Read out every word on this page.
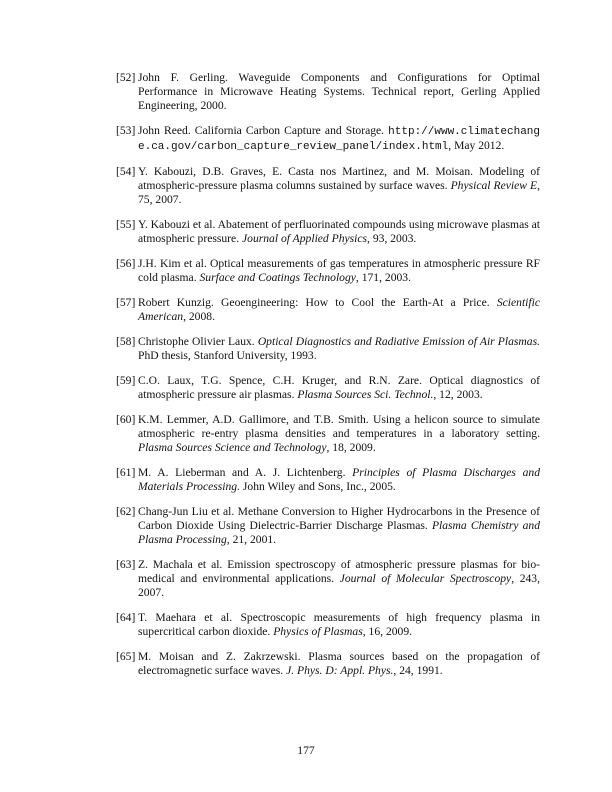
[52] John F. Gerling. Waveguide Components and Configurations for Optimal Performance in Microwave Heating Systems. Technical report, Gerling Applied Engineering, 2000.
[53] John Reed. California Carbon Capture and Storage. http://www.climatechange.ca.gov/carbon_capture_review_panel/index.html, May 2012.
[54] Y. Kabouzi, D.B. Graves, E. Casta nos Martinez, and M. Moisan. Modeling of atmospheric-pressure plasma columns sustained by surface waves. Physical Review E, 75, 2007.
[55] Y. Kabouzi et al. Abatement of perfluorinated compounds using microwave plasmas at atmospheric pressure. Journal of Applied Physics, 93, 2003.
[56] J.H. Kim et al. Optical measurements of gas temperatures in atmospheric pressure RF cold plasma. Surface and Coatings Technology, 171, 2003.
[57] Robert Kunzig. Geoengineering: How to Cool the Earth-At a Price. Scientific American, 2008.
[58] Christophe Olivier Laux. Optical Diagnostics and Radiative Emission of Air Plasmas. PhD thesis, Stanford University, 1993.
[59] C.O. Laux, T.G. Spence, C.H. Kruger, and R.N. Zare. Optical diagnostics of atmospheric pressure air plasmas. Plasma Sources Sci. Technol., 12, 2003.
[60] K.M. Lemmer, A.D. Gallimore, and T.B. Smith. Using a helicon source to simulate atmospheric re-entry plasma densities and temperatures in a laboratory setting. Plasma Sources Science and Technology, 18, 2009.
[61] M. A. Lieberman and A. J. Lichtenberg. Principles of Plasma Discharges and Materials Processing. John Wiley and Sons, Inc., 2005.
[62] Chang-Jun Liu et al. Methane Conversion to Higher Hydrocarbons in the Presence of Carbon Dioxide Using Dielectric-Barrier Discharge Plasmas. Plasma Chemistry and Plasma Processing, 21, 2001.
[63] Z. Machala et al. Emission spectroscopy of atmospheric pressure plasmas for bio-medical and environmental applications. Journal of Molecular Spectroscopy, 243, 2007.
[64] T. Maehara et al. Spectroscopic measurements of high frequency plasma in supercritical carbon dioxide. Physics of Plasmas, 16, 2009.
[65] M. Moisan and Z. Zakrzewski. Plasma sources based on the propagation of electromagnetic surface waves. J. Phys. D: Appl. Phys., 24, 1991.
177
